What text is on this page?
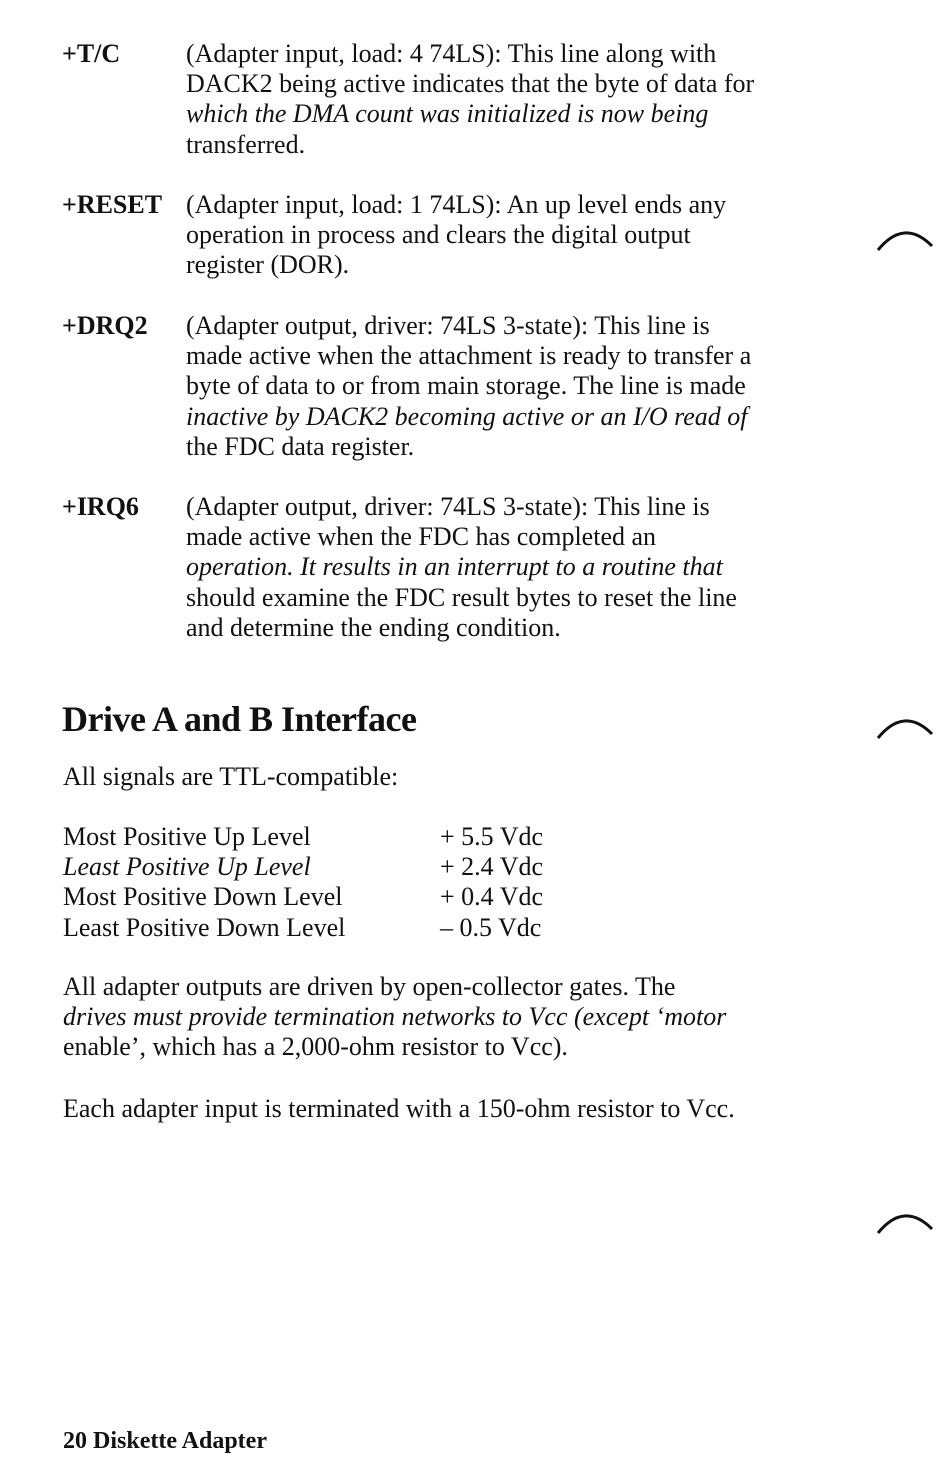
+T/C	(Adapter input, load: 4 74LS): This line along with
DACK2 being active indicates that the byte of data for
which the DMA count was initialized is now being
transferred.
+RESET (Adapter input, load: 1 74LS): An up level ends any
operation in process and clears the digital output
register (DOR).
+DRQ2 (Adapter output, driver: 74LS 3-state): This line is
made active when the attachment is ready to transfer a
byte of data to or from main storage. The line is made
inactive by DACK2 becoming active or an I/O read of
the FDC data register.
+IRQ6 (Adapter output, driver: 74LS 3-state): This line is
made active when the FDC has completed an
operation. It results in an interrupt to a routine that
should examine the FDC result bytes to reset the line
and determine the ending condition.
Drive A and B Interface
All signals are TTL-compatible:
Most Positive Up Level	+ 5.5 Vdc
Least Positive Up Level	+ 2.4 Vdc
Most Positive Down Level	+ 0.4 Vdc
Least Positive Down Level	– 0.5 Vdc
All adapter outputs are driven by open-collector gates. The
drives must provide termination networks to Vcc (except ‘motor
enable’, which has a 2,000-ohm resistor to Vcc).
Each adapter input is terminated with a 150-ohm resistor to Vcc.
20 Diskette Adapter
